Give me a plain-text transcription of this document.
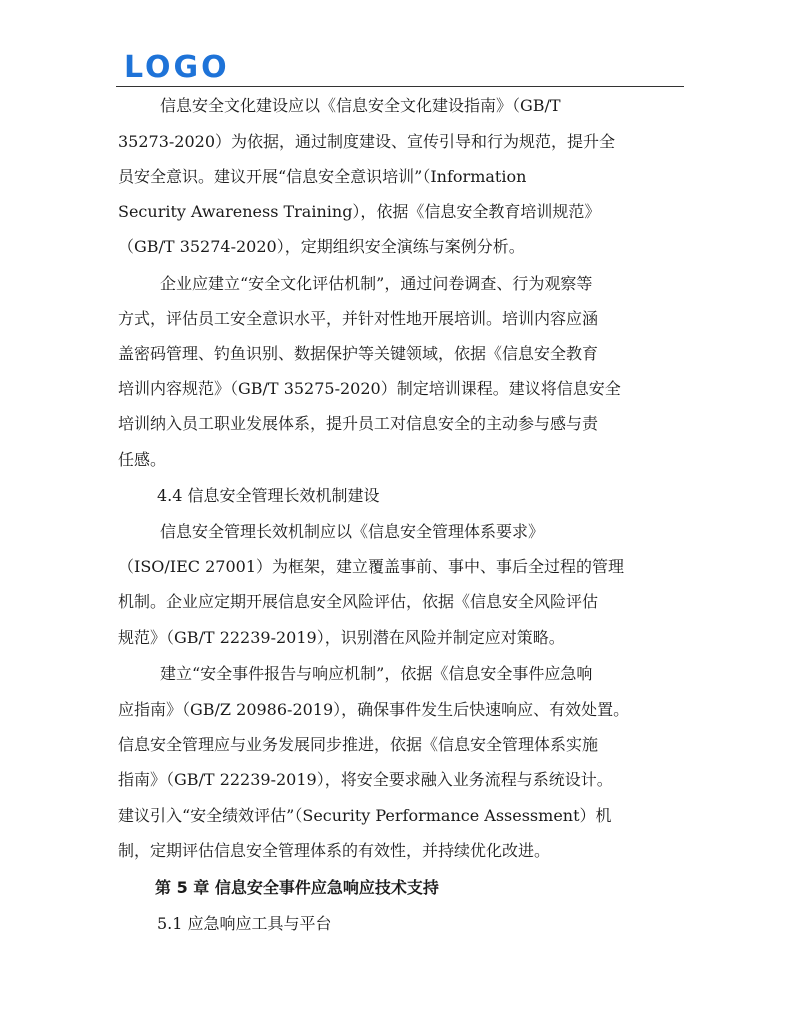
LOGO
信息安全文化建设应以《信息安全文化建设指南》（GB/T
35273-2020）为依据，通过制度建设、宣传引导和行为规范，提升全
员安全意识。建议开展“信息安全意识培训”（Information
Security Awareness Training），依据《信息安全教育培训规范》
（GB/T 35274-2020），定期组织安全演练与案例分析。
企业应建立“安全文化评估机制”，通过问卷调查、行为观察等
方式，评估员工安全意识水平，并针对性地开展培训。培训内容应涵
盖密码管理、钓鱼识别、数据保护等关键领域，依据《信息安全教育
培训内容规范》（GB/T 35275-2020）制定培训课程。建议将信息安全
培训纳入员工职业发展体系，提升员工对信息安全的主动参与感与责
任感。
4.4 信息安全管理长效机制建设
信息安全管理长效机制应以《信息安全管理体系要求》
（ISO/IEC 27001）为框架，建立覆盖事前、事中、事后全过程的管理
机制。企业应定期开展信息安全风险评估，依据《信息安全风险评估
规范》（GB/T 22239-2019），识别潜在风险并制定应对策略。
建立“安全事件报告与响应机制”，依据《信息安全事件应急响
应指南》（GB/Z 20986-2019），确保事件发生后快速响应、有效处置。
信息安全管理应与业务发展同步推进，依据《信息安全管理体系实施
指南》（GB/T 22239-2019），将安全要求融入业务流程与系统设计。
建议引入“安全绩效评估”（Security Performance Assessment）机
制，定期评估信息安全管理体系的有效性，并持续优化改进。
第 5 章 信息安全事件应急响应技术支持
5.1 应急响应工具与平台
